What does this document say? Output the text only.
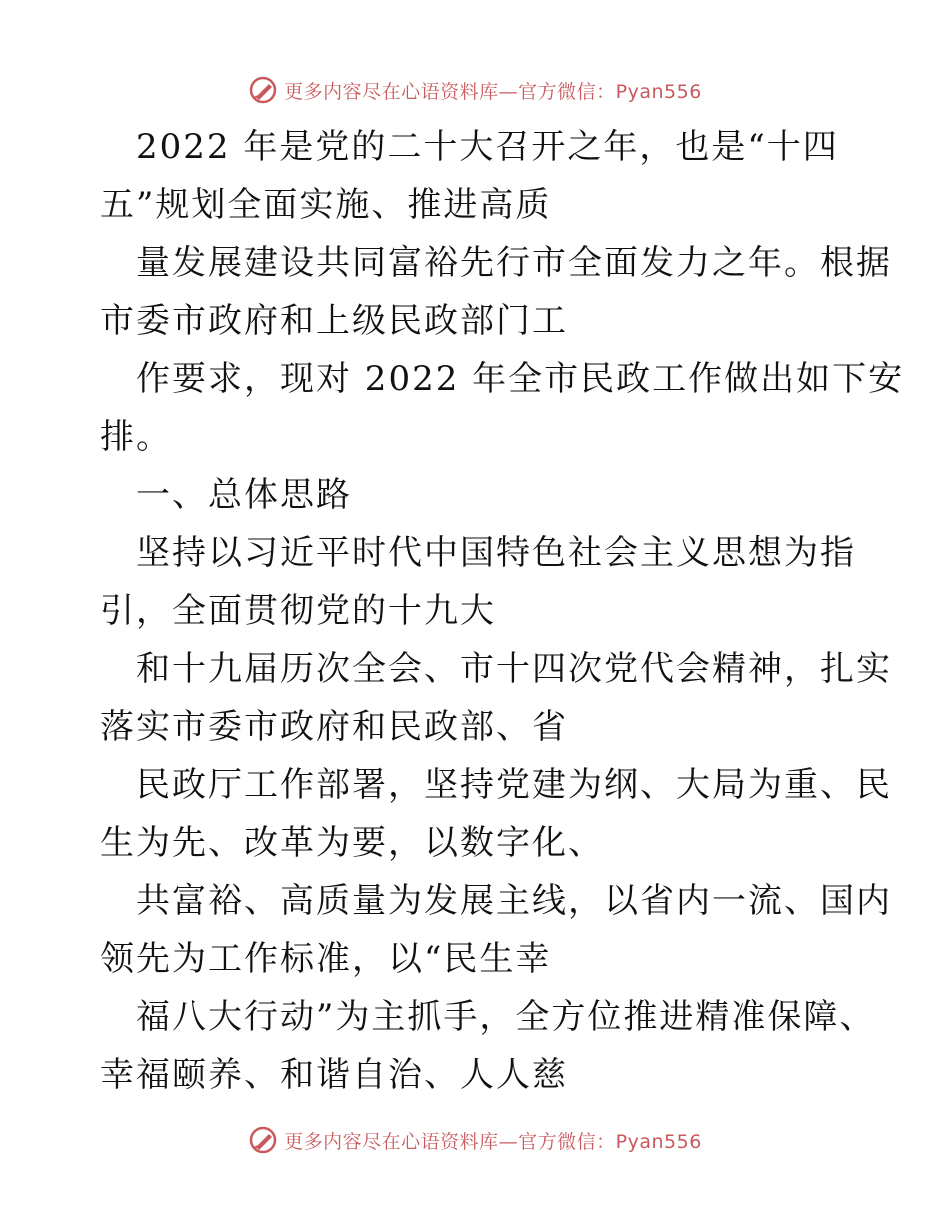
更多内容尽在心语资料库—官方微信：Pyan556
2022 年是党的二十大召开之年，也是“十四
五”规划全面实施、推进高质
量发展建设共同富裕先行市全面发力之年。根据
市委市政府和上级民政部门工
作要求，现对 2022 年全市民政工作做出如下安
排。
一、总体思路
坚持以习近平时代中国特色社会主义思想为指
引，全面贯彻党的十九大
和十九届历次全会、市十四次党代会精神，扎实
落实市委市政府和民政部、省
民政厅工作部署，坚持党建为纲、大局为重、民
生为先、改革为要，以数字化、
共富裕、高质量为发展主线，以省内一流、国内
领先为工作标准，以“民生幸
福八大行动”为主抓手，全方位推进精准保障、
幸福颐养、和谐自治、人人慈
更多内容尽在心语资料库—官方微信：Pyan556
